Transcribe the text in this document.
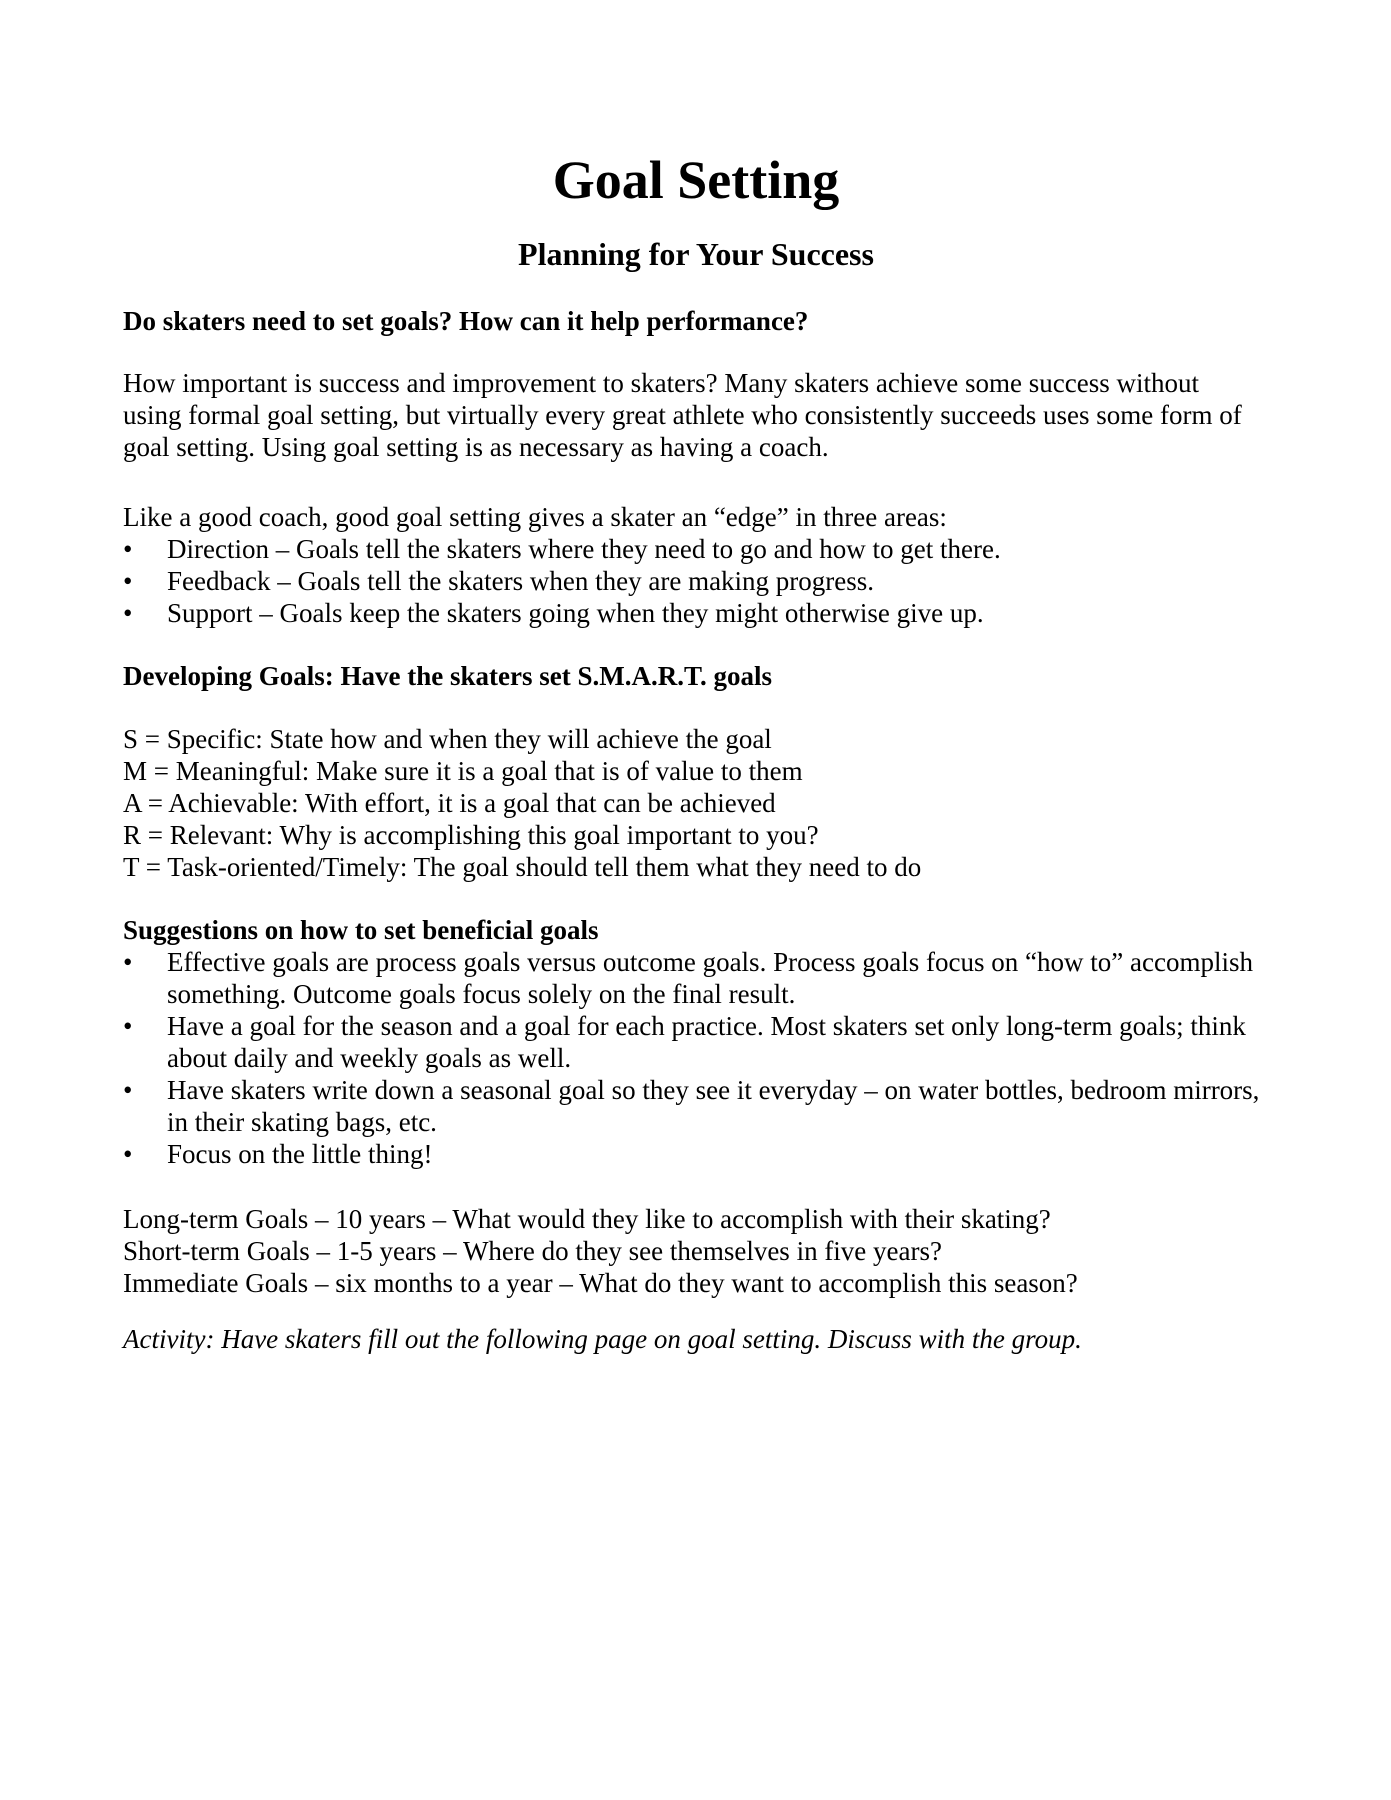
Goal Setting
Planning for Your Success
Do skaters need to set goals? How can it help performance?
How important is success and improvement to skaters? Many skaters achieve some success without
using formal goal setting, but virtually every great athlete who consistently succeeds uses some form of
goal setting. Using goal setting is as necessary as having a coach.
Like a good coach, good goal setting gives a skater an “edge” in three areas:
•	Direction – Goals tell the skaters where they need to go and how to get there.
•	Feedback – Goals tell the skaters when they are making progress.
•	Support – Goals keep the skaters going when they might otherwise give up.
Developing Goals: Have the skaters set S.M.A.R.T. goals
S = Specific: State how and when they will achieve the goal
M = Meaningful: Make sure it is a goal that is of value to them
A = Achievable: With effort, it is a goal that can be achieved
R = Relevant: Why is accomplishing this goal important to you?
T = Task-oriented/Timely: The goal should tell them what they need to do
Suggestions on how to set beneficial goals
•	Effective goals are process goals versus outcome goals. Process goals focus on “how to” accomplish
something. Outcome goals focus solely on the final result.
•	Have a goal for the season and a goal for each practice. Most skaters set only long-term goals; think
about daily and weekly goals as well.
•	Have skaters write down a seasonal goal so they see it everyday – on water bottles, bedroom mirrors,
in their skating bags, etc.
•	Focus on the little thing!
Long-term Goals – 10 years – What would they like to accomplish with their skating?
Short-term Goals – 1-5 years – Where do they see themselves in five years?
Immediate Goals – six months to a year – What do they want to accomplish this season?
Activity: Have skaters fill out the following page on goal setting. Discuss with the group.
